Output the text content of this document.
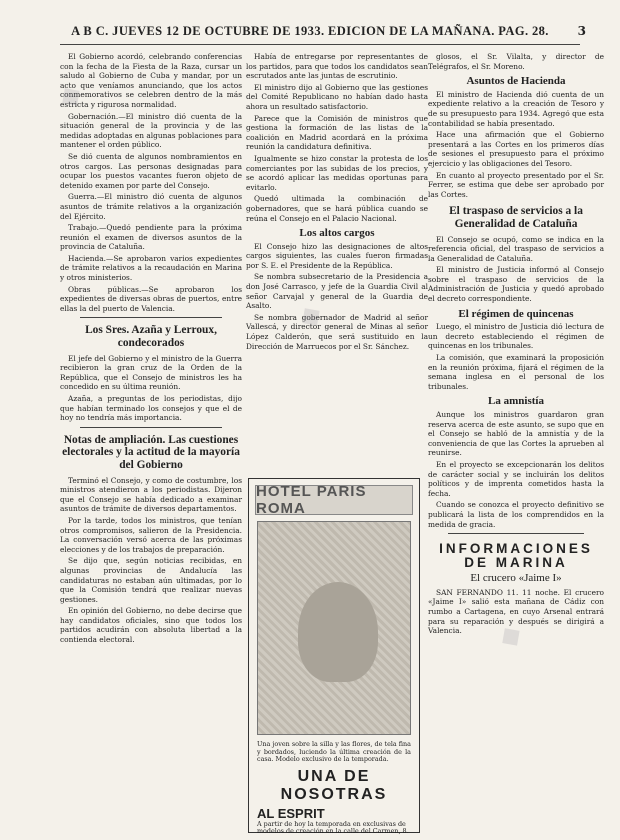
A B C. JUEVES 12 DE OCTUBRE DE 1933. EDICION DE LA MAÑANA. PAG. 28.	3

El Gobierno acordó, celebrando conferencias con la fecha de la Fiesta de la Raza, cursar un saludo al Gobierno de Cuba y mandar, por un acto que veníamos anunciando, que los actos conmemorativos se celebren dentro de la más estricta y rigurosa normalidad.

Gobernación.—El ministro dió cuenta de la situación general de la provincia y de las medidas adoptadas en algunas poblaciones para mantener el orden público.

Se dió cuenta de algunos nombramientos en otros cargos. Las personas designadas para ocupar los puestos vacantes fueron objeto de detenido examen por parte del Consejo.

Guerra.—El ministro dió cuenta de algunos asuntos de trámite relativos a la organización del Ejército.

Trabajo.—Quedó pendiente para la próxima reunión el examen de diversos asuntos de la provincia de Cataluña.

Hacienda.—Se aprobaron varios expedientes de trámite relativos a la recaudación en Marina y otros ministerios.

Obras públicas.—Se aprobaron los expedientes de diversas obras de puertos, entre ellas la del puerto de Valencia.

Los Sres. Azaña y Lerroux, condecorados

El jefe del Gobierno y el ministro de la Guerra recibieron la gran cruz de la Orden de la República, que el Consejo de ministros les ha concedido en su última reunión.

Azaña, a preguntas de los periodistas, dijo que habían terminado los consejos y que el de hoy no tendría más importancia.

Notas de ampliación. Las cuestiones electorales y la actitud de la mayoría del Gobierno

Terminó el Consejo, y como de costumbre, los ministros atendieron a los periodistas. Dijeron que el Consejo se había dedicado a examinar asuntos de trámite de diversos departamentos.

Por la tarde, todos los ministros, que tenían otros compromisos, salieron de la Presidencia. La conversación versó acerca de las próximas elecciones y de los trabajos de preparación.

Se dijo que, según noticias recibidas, en algunas provincias de Andalucía las candidaturas no estaban aún ultimadas, por lo que la Comisión tendrá que realizar nuevas gestiones.

En opinión del Gobierno, no debe decirse que hay candidatos oficiales, sino que todos los partidos acudirán con absoluta libertad a la contienda electoral.

Había de entregarse por representantes de los partidos, para que todos los candidatos sean escrutados ante las juntas de escrutinio.

El ministro dijo al Gobierno que las gestiones del Comité Republicano no habían dado hasta ahora un resultado satisfactorio.

Parece que la Comisión de ministros que gestiona la formación de las listas de la coalición en Madrid acordará en la próxima reunión la candidatura definitiva.

Igualmente se hizo constar la protesta de los comerciantes por las subidas de los precios, y se acordó aplicar las medidas oportunas para evitarlo.

Quedó ultimada la combinación de gobernadores, que se hará pública cuando se reúna el Consejo en el Palacio Nacional.

Los altos cargos

El Consejo hizo las designaciones de altos cargos siguientes, las cuales fueron firmadas por S. E. el Presidente de la República.

Se nombra subsecretario de la Presidencia a don José Carrasco, y jefe de la Guardia Civil al señor Carvajal y general de la Guardia de Asalto.

Se nombra gobernador de Madrid al señor Vallescá, y director general de Minas al señor López Calderón, que será sustituido en la Dirección de Marruecos por el Sr. Sánchez.

HOTEL PARIS ROMA
Una joven sobre la silla y las flores, de tela fina y bordados, luciendo la última creación de la casa. Modelo exclusivo de la temporada.
UNA DE NOSOTRAS
AL ESPRIT
A partir de hoy la temporada en exclusivas de modelos de creación en la calle del Carmen, 8.

glosos, el Sr. Vilalta, y director de Telégrafos, el Sr. Moreno.

Asuntos de Hacienda

El ministro de Hacienda dió cuenta de un expediente relativo a la creación de Tesoro y de su presupuesto para 1934. Agregó que esta contabilidad se había presentado.

Hace una afirmación que el Gobierno presentará a las Cortes en los primeros días de sesiones el presupuesto para el próximo ejercicio y las obligaciones del Tesoro.

En cuanto al proyecto presentado por el Sr. Ferrer, se estima que debe ser aprobado por las Cortes.

El traspaso de servicios a la Generalidad de Cataluña

El Consejo se ocupó, como se indica en la referencia oficial, del traspaso de servicios a la Generalidad de Cataluña.

El ministro de Justicia informó al Consejo sobre el traspaso de servicios de la Administración de Justicia y quedó aprobado el decreto correspondiente.

El régimen de quincenas

Luego, el ministro de Justicia dió lectura de un decreto estableciendo el régimen de quincenas en los tribunales.

La comisión, que examinará la proposición en la reunión próxima, fijará el régimen de la semana inglesa en el personal de los tribunales.

La amnistía

Aunque los ministros guardaron gran reserva acerca de este asunto, se supo que en el Consejo se habló de la amnistía y de la conveniencia de que las Cortes la aprueben al reunirse.

En el proyecto se excepcionarán los delitos de carácter social y se incluirán los delitos políticos y de imprenta cometidos hasta la fecha.

Cuando se conozca el proyecto definitivo se publicará la lista de los comprendidos en la medida de gracia.

INFORMACIONES DE MARINA
El crucero «Jaime I»

SAN FERNANDO 11. 11 noche. El crucero «Jaime I» salió esta mañana de Cádiz con rumbo a Cartagena, en cuyo Arsenal entrará para su reparación y después se dirigirá a Valencia.

◆
◆
◆
